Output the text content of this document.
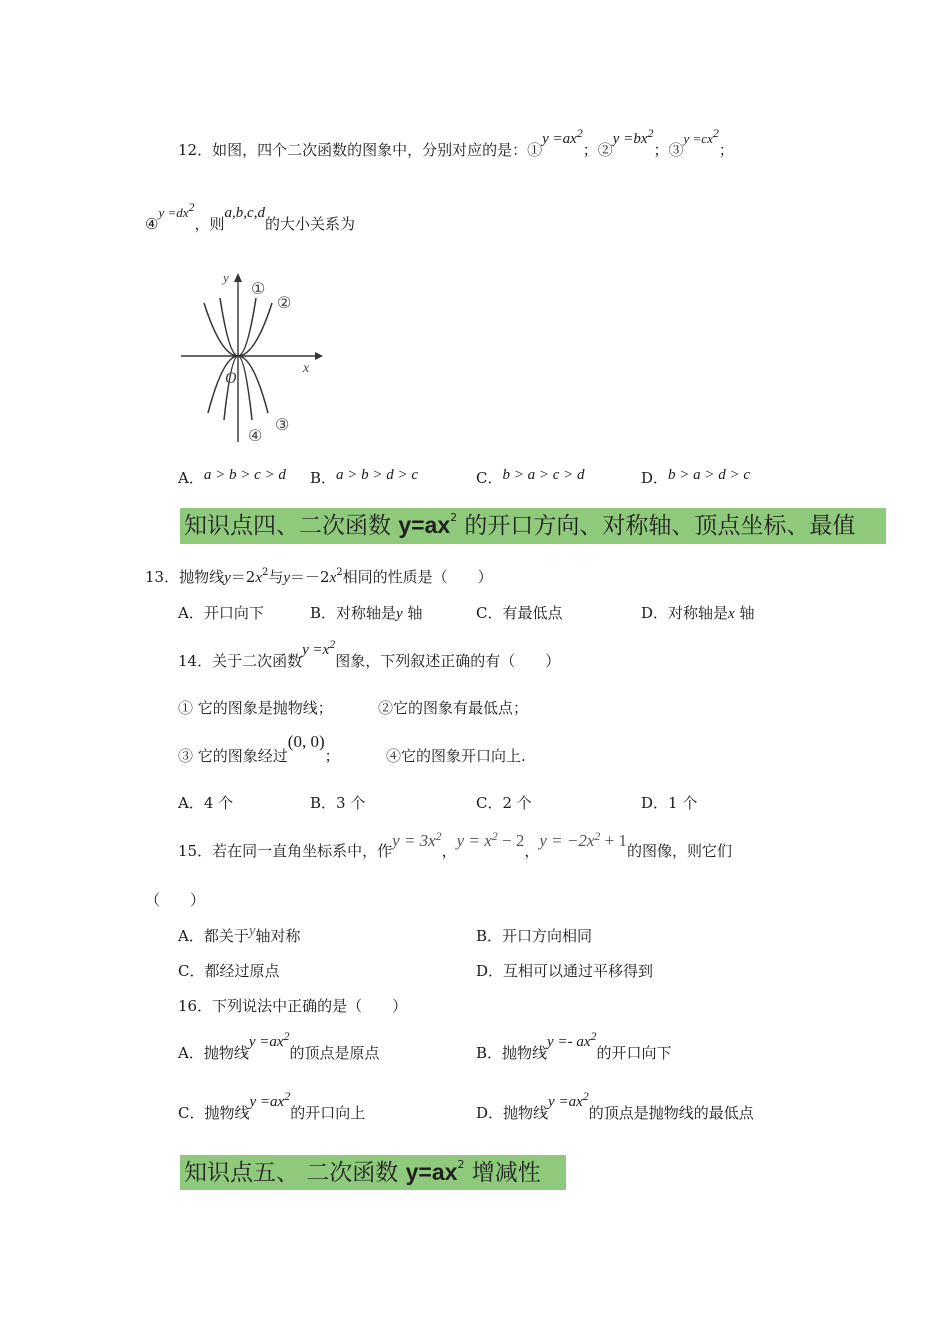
12．如图，四个二次函数的图象中，分别对应的是：①y $=ax^2$；②y $=bx^2$；③y =cx2；
④y =dx2，则a,b,c,d的大小关系为
y
x
O
①
②
③
④
A．a > b > c > d B．a > b > d > c	C．b > a > c > d	D．b > a > d > c
知识点四、二次函数 $y=ax^2$ 的开口方向、对称轴、顶点坐标、最值
13．抛物线$y=2x^2$与$y=-2x^2$相同的性质是（　　）
A．开口向下	B．对称轴是y 轴	C．有最低点	D．对称轴是x 轴
14．关于二次函数$y =x^2$图象，下列叙述正确的有（　　）
① 它的图象是抛物线；	②它的图象有最低点；
③ 它的图象经过(0, 0)；	④它的图象开口向上.
A．4 个	B．3 个	C．2 个	D．1 个
15．若在同一直角坐标系中，作$y = 3x^2$，$y = x^2 - 2$，$y = -2x^2 + 1$的图像，则它们
（　　）
A．都关于y轴对称	B．开口方向相同
C．都经过原点	D．互相可以通过平移得到
16．下列说法中正确的是（　　）
A．抛物线$y =ax^2$的顶点是原点	B．抛物线$y =- ax^2$的开口向下
C．抛物线$y =ax^2$的开口向上	D．抛物线$y =ax^2$的顶点是抛物线的最低点
知识点五、 二次函数 $y=ax^2$ 增减性
